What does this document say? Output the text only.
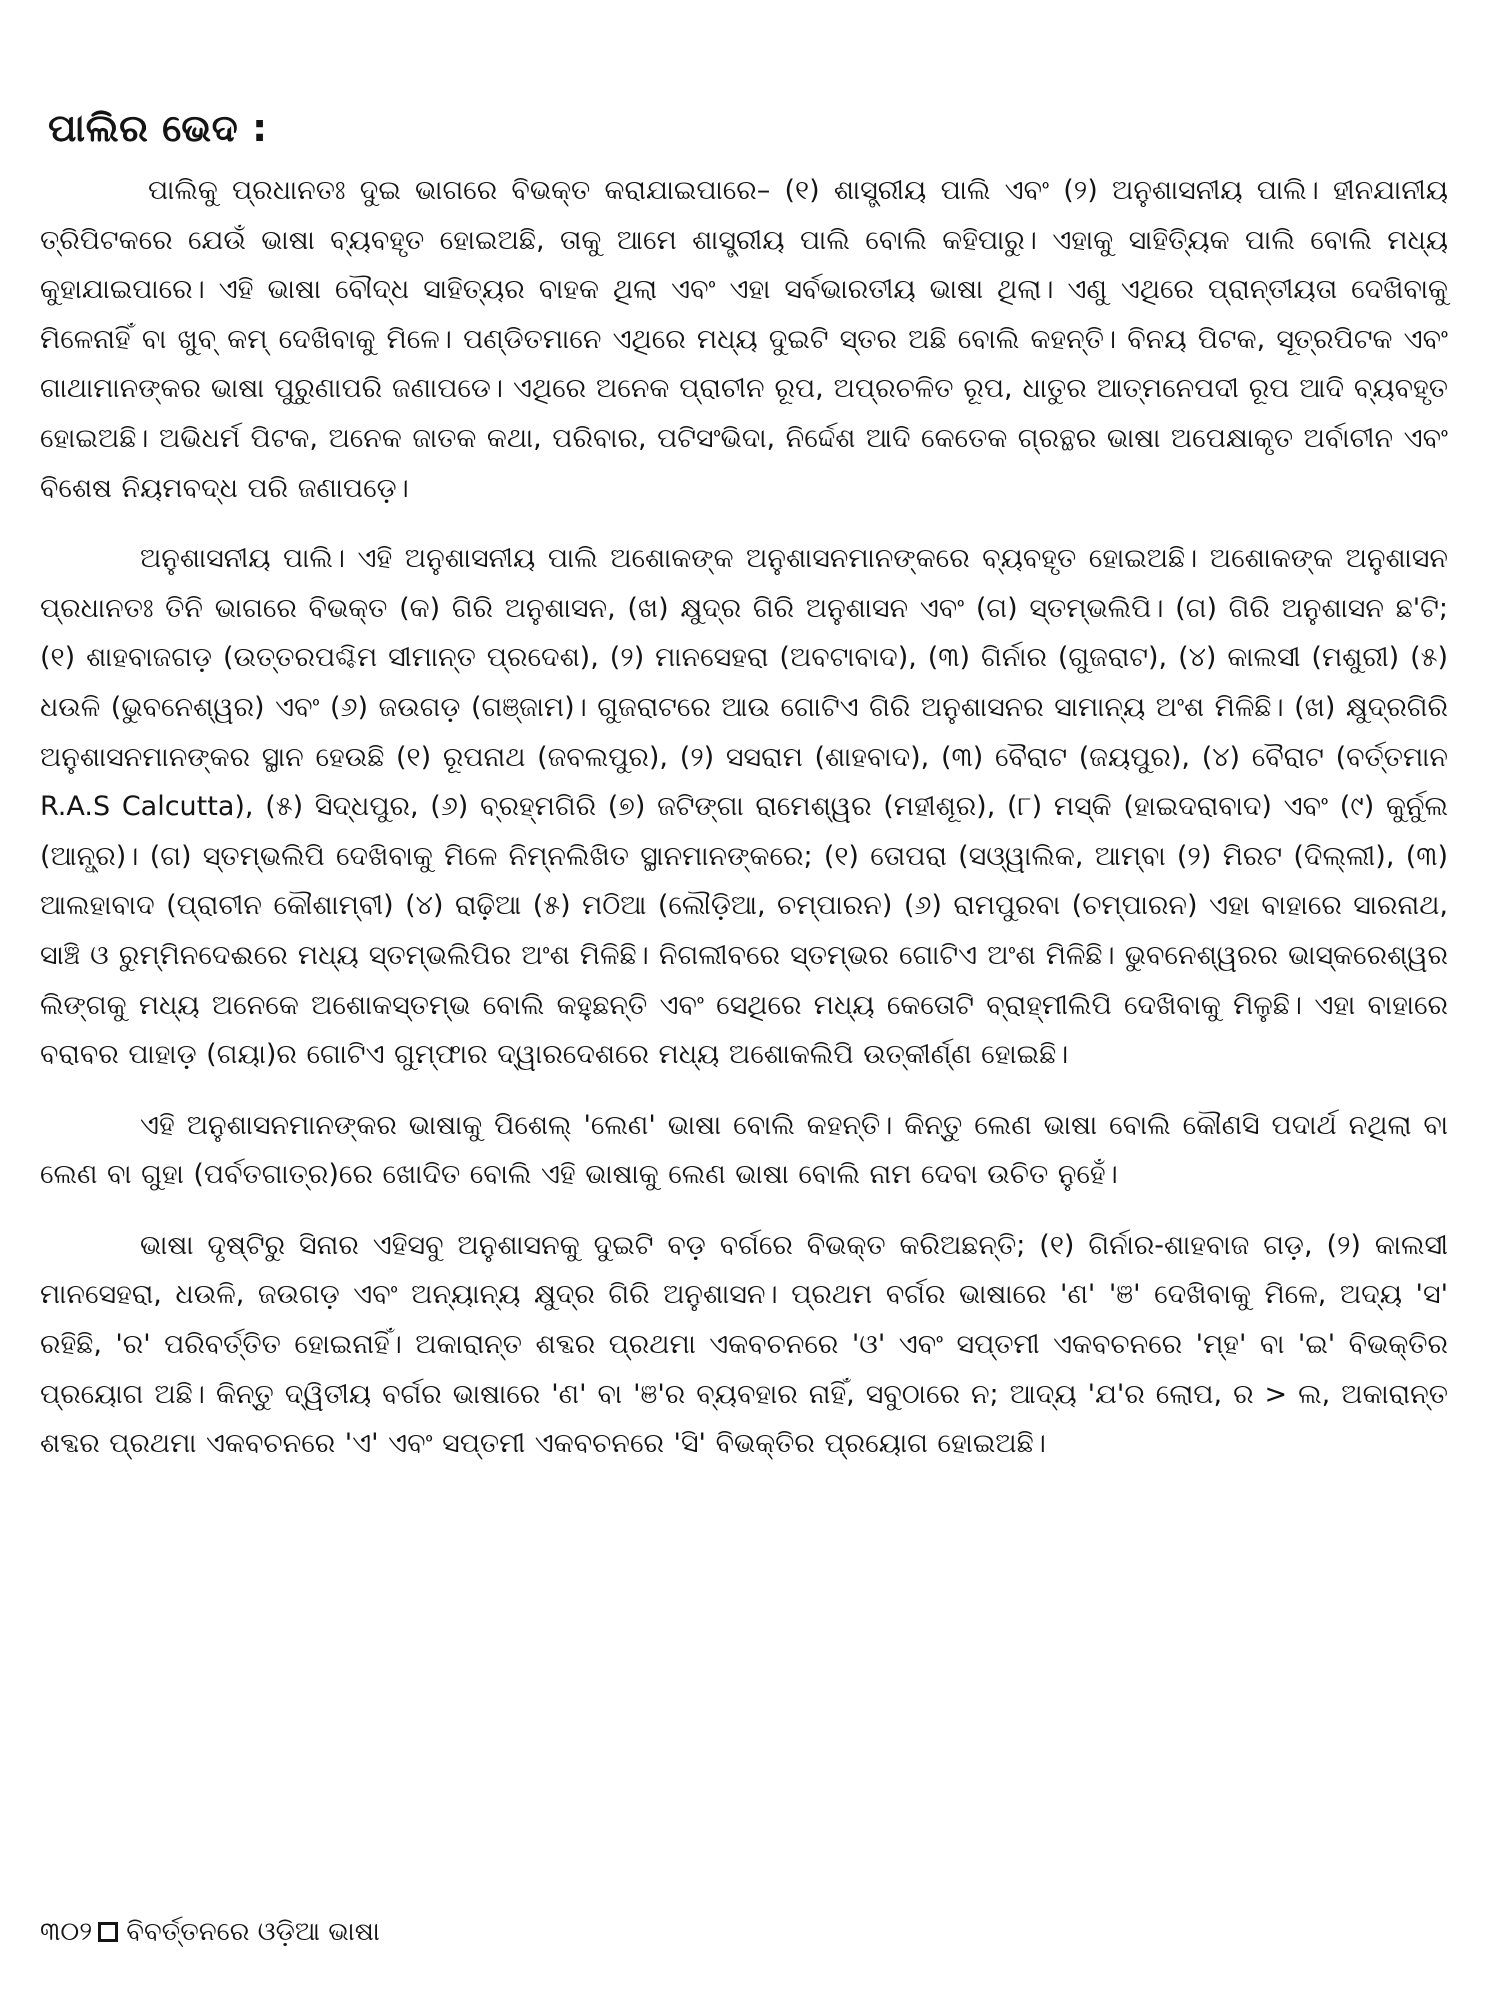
ପାଲିର ଭେଦ :

ପାଲିକୁ ପ୍ରଧାନତଃ ଦୁଇ ଭାଗରେ ବିଭକ୍ତ କରାଯାଇପାରେ– (୧) ଶାସ୍ତ୍ରୀୟ ପାଲି ଏବଂ (୨) ଅନୁଶାସନୀୟ ପାଲି। ହୀନଯାନୀୟ ତ୍ରିପିଟକରେ ଯେଉଁ ଭାଷା ବ୍ୟବହୃତ ହୋଇଅଛି, ତାକୁ ଆମେ ଶାସ୍ତ୍ରୀୟ ପାଲି ବୋଲି କହିପାରୁ। ଏହାକୁ ସାହିତ୍ୟିକ ପାଲି ବୋଲି ମଧ୍ୟ କୁହାଯାଇପାରେ। ଏହି ଭାଷା ବୌଦ୍ଧ ସାହିତ୍ୟର ବାହକ ଥିଲା ଏବଂ ଏହା ସର୍ବଭାରତୀୟ ଭାଷା ଥିଲା। ଏଣୁ ଏଥିରେ ପ୍ରାନ୍ତୀୟତା ଦେଖିବାକୁ ମିଳେନାହିଁ ବା ଖୁବ୍ କମ୍ ଦେଖିବାକୁ ମିଳେ। ପଣ୍ଡିତମାନେ ଏଥିରେ ମଧ୍ୟ ଦୁଇଟି ସ୍ତର ଅଛି ବୋଲି କହନ୍ତି। ବିନୟ ପିଟକ, ସୂତ୍ରପିଟକ ଏବଂ ଗାଥାମାନଙ୍କର ଭାଷା ପୁରୁଣାପରି ଜଣାପଡେ। ଏଥିରେ ଅନେକ ପ୍ରାଚୀନ ରୂପ, ଅପ୍ରଚଳିତ ରୂପ, ଧାତୁର ଆତ୍ମନେପଦୀ ରୂପ ଆଦି ବ୍ୟବହୃତ ହୋଇଅଛି। ଅଭିଧର୍ମ ପିଟକ, ଅନେକ ଜାତକ କଥା, ପରିବାର, ପଟିସଂଭିଦା, ନିର୍ଦ୍ଦେଶ ଆଦି କେତେକ ଗ୍ରନ୍ଥର ଭାଷା ଅପେକ୍ଷାକୃତ ଅର୍ବାଚୀନ ଏବଂ ବିଶେଷ ନିୟମବଦ୍ଧ ପରି ଜଣାପଡ଼େ।

ଅନୁଶାସନୀୟ ପାଲି। ଏହି ଅନୁଶାସନୀୟ ପାଲି ଅଶୋକଙ୍କ ଅନୁଶାସନମାନଙ୍କରେ ବ୍ୟବହୃତ ହୋଇଅଛି। ଅଶୋକଙ୍କ ଅନୁଶାସନ ପ୍ରଧାନତଃ ତିନି ଭାଗରେ ବିଭକ୍ତ (କ) ଗିରି ଅନୁଶାସନ, (ଖ) କ୍ଷୁଦ୍ର ଗିରି ଅନୁଶାସନ ଏବଂ (ଗ) ସ୍ତମ୍ଭଲିପି। (ଗ) ଗିରି ଅନୁଶାସନ ଛ'ଟି; (୧) ଶାହବାଜଗଡ଼ (ଉତ୍ତରପଶ୍ଚିମ ସୀମାନ୍ତ ପ୍ରଦେଶ), (୨) ମାନସେହରା (ଅବଟାବାଦ), (୩) ଗିର୍ନାର (ଗୁଜରାଟ), (୪) କାଲସୀ (ମଶୁରୀ) (୫) ଧଉଳି (ଭୁବନେଶ୍ୱର) ଏବଂ (୬) ଜଉଗଡ଼ (ଗଞ୍ଜାମ)। ଗୁଜରାଟରେ ଆଉ ଗୋଟିଏ ଗିରି ଅନୁଶାସନର ସାମାନ୍ୟ ଅଂଶ ମିଳିଛି। (ଖ) କ୍ଷୁଦ୍ରଗିରି ଅନୁଶାସନମାନଙ୍କର ସ୍ଥାନ ହେଉଛି (୧) ରୂପନାଥ (ଜବଲପୁର), (୨) ସସରାମ (ଶାହବାଦ), (୩) ବୈରାଟ (ଜୟପୁର), (୪) ବୈରାଟ (ବର୍ତ୍ତମାନ R.A.S Calcutta), (୫) ସିଦ୍ଧପୁର, (୬) ବ୍ରହ୍ମଗିରି (୭) ଜଟିଙ୍ଗା ରାମେଶ୍ୱର (ମହୀଶୂର), (୮) ମସ୍କି (ହାଇଦରାବାଦ) ଏବଂ (୯) କୁର୍ନୁଲ (ଆନ୍ଧ୍ର)। (ଗ) ସ୍ତମ୍ଭଲିପି ଦେଖିବାକୁ ମିଳେ ନିମ୍ନଲିଖିତ ସ୍ଥାନମାନଙ୍କରେ; (୧) ତୋପରା (ସଓ୍ୱାଲିକ, ଆମ୍ବା (୨) ମିରଟ (ଦିଲ୍ଲୀ), (୩) ଆଲହାବାଦ (ପ୍ରାଚୀନ କୌଶାମ୍ବୀ) (୪) ରାଢ଼ିଆ (୫) ମଠିଆ (ଲୌଡ଼ିଆ, ଚମ୍ପାରନ) (୬) ରାମପୁରବା (ଚମ୍ପାରନ) ଏହା ବାହାରେ ସାରନାଥ, ସାଞ୍ଚି ଓ ରୁମ୍ମିନଦେଈରେ ମଧ୍ୟ ସ୍ତମ୍ଭଲିପିର ଅଂଶ ମିଳିଛି। ନିଗଲୀବରେ ସ୍ତମ୍ଭର ଗୋଟିଏ ଅଂଶ ମିଳିଛି। ଭୁବନେଶ୍ୱରର ଭାସ୍କରେଶ୍ୱର ଲିଙ୍ଗକୁ ମଧ୍ୟ ଅନେକେ ଅଶୋକସ୍ତମ୍ଭ ବୋଲି କହୁଛନ୍ତି ଏବଂ ସେଥିରେ ମଧ୍ୟ କେତୋଟି ବ୍ରାହ୍ମୀଲିପି ଦେଖିବାକୁ ମିଳୁଛି। ଏହା ବାହାରେ ବରାବର ପାହାଡ଼ (ଗୟା)ର ଗୋଟିଏ ଗୁମ୍ଫାର ଦ୍ୱାରଦେଶରେ ମଧ୍ୟ ଅଶୋକଲିପି ଉତ୍କୀର୍ଣ୍ଣ ହୋଇଛି।

ଏହି ଅନୁଶାସନମାନଙ୍କର ଭାଷାକୁ ପିଶେଲ୍ 'ଲେଣ' ଭାଷା ବୋଲି କହନ୍ତି। କିନ୍ତୁ ଲେଣ ଭାଷା ବୋଲି କୌଣସି ପଦାର୍ଥ ନଥିଲା ବା ଲେଣ ବା ଗୁହା (ପର୍ବତଗାତ୍ର)ରେ ଖୋଦିତ ବୋଲି ଏହି ଭାଷାକୁ ଲେଣ ଭାଷା ବୋଲି ନାମ ଦେବା ଉଚିତ ନୁହେଁ।

ଭାଷା ଦୃଷ୍ଟିରୁ ସିନାର ଏହିସବୁ ଅନୁଶାସନକୁ ଦୁଇଟି ବଡ଼ ବର୍ଗରେ ବିଭକ୍ତ କରିଅଛନ୍ତି; (୧) ଗିର୍ନାର-ଶାହବାଜ ଗଡ଼, (୨) କାଲସୀ ମାନସେହରା, ଧଉଳି, ଜଉଗଡ଼ ଏବଂ ଅନ୍ୟାନ୍ୟ କ୍ଷୁଦ୍ର ଗିରି ଅନୁଶାସନ। ପ୍ରଥମ ବର୍ଗର ଭାଷାରେ 'ଣ' 'ଞ' ଦେଖିବାକୁ ମିଳେ, ଅଦ୍ୟ 'ସ' ରହିଛି, 'ର' ପରିବର୍ତ୍ତିତ ହୋଇନାହିଁ। ଅକାରାନ୍ତ ଶବ୍ଦର ପ୍ରଥମା ଏକବଚନରେ 'ଓ' ଏବଂ ସପ୍ତମୀ ଏକବଚନରେ 'ମ୍ହ' ବା 'ଇ' ବିଭକ୍ତିର ପ୍ରୟୋଗ ଅଛି। କିନ୍ତୁ ଦ୍ୱିତୀୟ ବର୍ଗର ଭାଷାରେ 'ଣ' ବା 'ଞ'ର ବ୍ୟବହାର ନାହିଁ, ସବୁଠାରେ ନ; ଆଦ୍ୟ 'ଯ'ର ଲୋପ, ର > ଲ, ଅକାରାନ୍ତ ଶବ୍ଦର ପ୍ରଥମା ଏକବଚନରେ 'ଏ' ଏବଂ ସପ୍ତମୀ ଏକବଚନରେ 'ସି' ବିଭକ୍ତିର ପ୍ରୟୋଗ ହୋଇଅଛି।

୩୦୨ ବିବର୍ତ୍ତନରେ ଓଡ଼ିଆ ଭାଷା
